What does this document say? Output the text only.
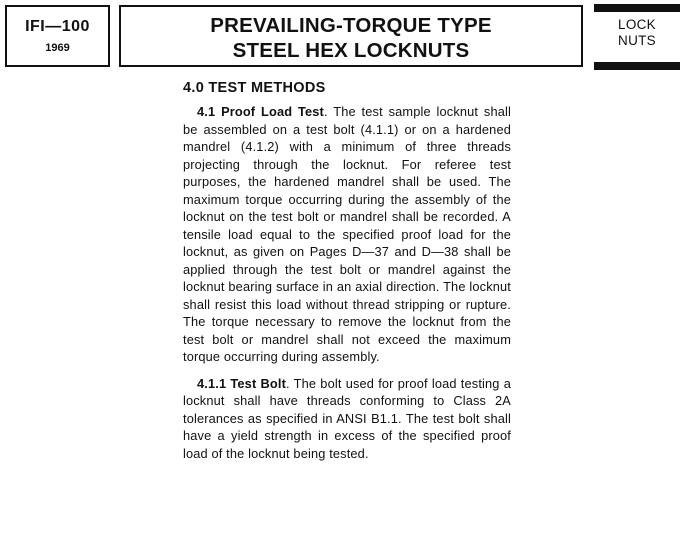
IFI—100
1969
PREVAILING-TORQUE TYPE
STEEL HEX LOCKNUTS
LOCK
NUTS
4.0 TEST METHODS

4.1 Proof Load Test. The test sample locknut shall be assembled on a test bolt (4.1.1) or on a hardened mandrel (4.1.2) with a minimum of three threads projecting through the locknut. For referee test purposes, the hardened mandrel shall be used. The maximum torque occurring during the assembly of the locknut on the test bolt or mandrel shall be recorded. A tensile load equal to the specified proof load for the locknut, as given on Pages D—37 and D—38 shall be applied through the test bolt or mandrel against the locknut bearing surface in an axial direction. The locknut shall resist this load without thread stripping or rupture. The torque necessary to remove the locknut from the test bolt or mandrel shall not exceed the maximum torque occurring during assembly.

4.1.1 Test Bolt. The bolt used for proof load testing a locknut shall have threads conforming to Class 2A tolerances as specified in ANSI B1.1. The test bolt shall have a yield strength in excess of the specified proof load of the locknut being tested.
